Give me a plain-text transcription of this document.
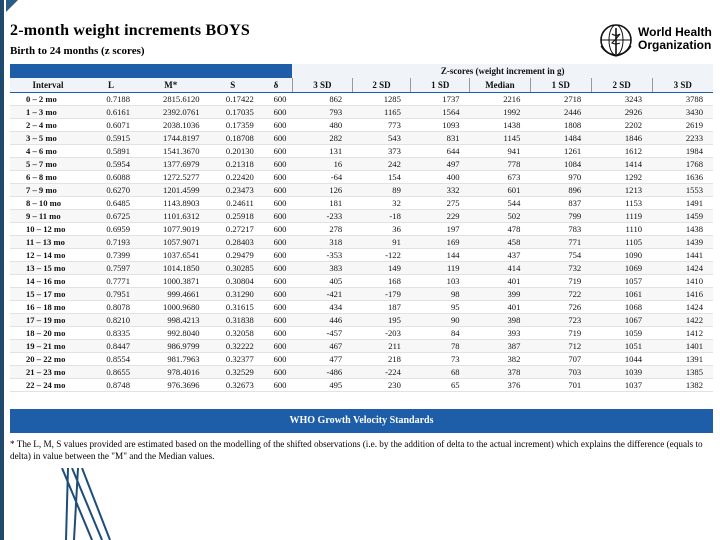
2-month weight increments BOYS
Birth to 24 months (z scores)
World Health
Organization
					Z-scores (weight increment in g)						
Interval	L	M*	S	δ	3 SD	2 SD	1 SD	Median	1 SD	2 SD	3 SD
0 – 2 mo	0.7188	2815.6120	0.17422	600	862	1285	1737	2216	2718	3243	3788
1 – 3 mo	0.6161	2392.0761	0.17035	600	793	1165	1564	1992	2446	2926	3430
2 – 4 mo	0.6071	2038.1036	0.17359	600	480	773	1093	1438	1808	2202	2619
3 – 5 mo	0.5915	1744.8197	0.18708	600	282	543	831	1145	1484	1846	2233
4 – 6 mo	0.5891	1541.3670	0.20130	600	131	373	644	941	1261	1612	1984
5 – 7 mo	0.5954	1377.6979	0.21318	600	16	242	497	778	1084	1414	1768
6 – 8 mo	0.6088	1272.5277	0.22420	600	-64	154	400	673	970	1292	1636
7 – 9 mo	0.6270	1201.4599	0.23473	600	126	89	332	601	896	1213	1553
8 – 10 mo	0.6485	1143.8903	0.24611	600	181	32	275	544	837	1153	1491
9 – 11 mo	0.6725	1101.6312	0.25918	600	-233	-18	229	502	799	1119	1459
10 – 12 mo	0.6959	1077.9019	0.27217	600	278	36	197	478	783	1110	1438
11 – 13 mo	0.7193	1057.9071	0.28403	600	318	91	169	458	771	1105	1439
12 – 14 mo	0.7399	1037.6541	0.29479	600	-353	-122	144	437	754	1090	1441
13 – 15 mo	0.7597	1014.1850	0.30285	600	383	149	119	414	732	1069	1424
14 – 16 mo	0.7771	1000.3871	0.30804	600	405	168	103	401	719	1057	1410
15 – 17 mo	0.7951	999.4661	0.31290	600	-421	-179	98	399	722	1061	1416
16 – 18 mo	0.8078	1000.9680	0.31615	600	434	187	95	401	726	1068	1424
17 – 19 mo	0.8210	998.4213	0.31838	600	446	195	90	398	723	1067	1422
18 – 20 mo	0.8335	992.8040	0.32058	600	-457	-203	84	393	719	1059	1412
19 – 21 mo	0.8447	986.9799	0.32222	600	467	211	78	387	712	1051	1401
20 – 22 mo	0.8554	981.7963	0.32377	600	477	218	73	382	707	1044	1391
21 – 23 mo	0.8655	978.4016	0.32529	600	-486	-224	68	378	703	1039	1385
22 – 24 mo	0.8748	976.3696	0.32673	600	495	230	65	376	701	1037	1382
WHO Growth Velocity Standards
* The L, M, S values provided are estimated based on the modelling of the shifted observations (i.e. by the addition of delta to the actual increment) which explains the difference (equals to delta) in value between the "M" and the Median values.
